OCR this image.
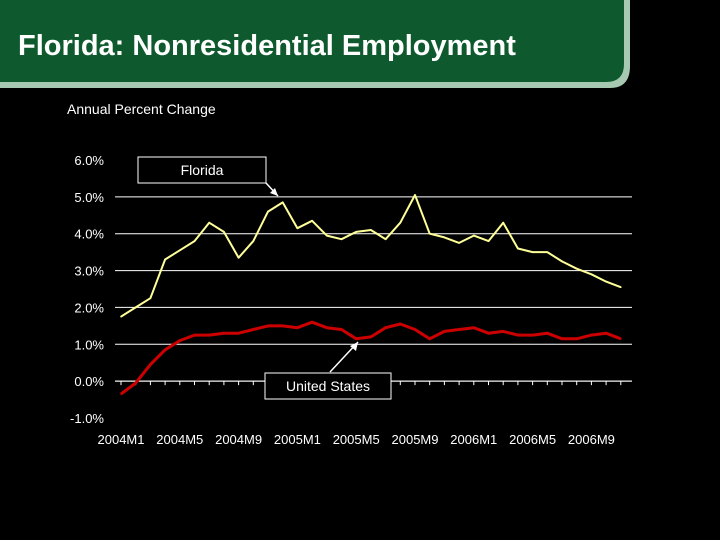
Florida: Nonresidential Employment
Annual Percent Change
6.0%
5.0%
4.0%
3.0%
2.0%
1.0%
0.0%
-1.0%
2004M1 2004M5 2004M9 2005M1 2005M5 2005M9 2006M1 2006M5 2006M9
Florida
United States
